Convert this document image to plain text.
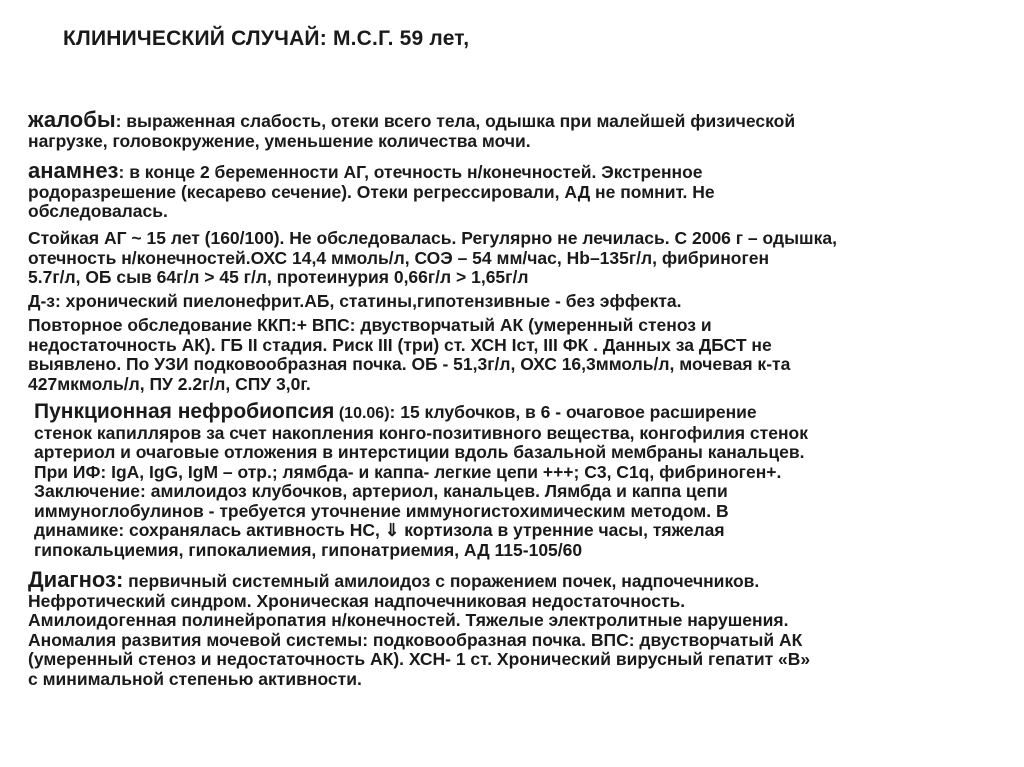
КЛИНИЧЕСКИЙ СЛУЧАЙ: М.С.Г. 59 лет,
жалобы: выраженная слабость, отеки всего тела, одышка при малейшей физической
нагрузке, головокружение, уменьшение количества мочи.
анамнез: в конце 2 беременности АГ, отечность н/конечностей. Экстренное
родоразрешение (кесарево сечение). Отеки регрессировали, АД не помнит. Не
обследовалась.
Стойкая АГ ~ 15 лет (160/100). Не обследовалась. Регулярно не лечилась. С 2006 г – одышка,
отечность н/конечностей.ОХС 14,4 ммоль/л, СОЭ – 54 мм/час, Hb–135г/л, фибриноген
5.7г/л, ОБ сыв 64г/л > 45 г/л, протеинурия 0,66г/л > 1,65г/л
Д-з: хронический пиелонефрит.АБ, статины,гипотензивные - без эффекта.
Повторное обследование ККП:+ ВПС: двустворчатый АК (умеренный стеноз и
недостаточность АК). ГБ II стадия. Риск III (три) ст. ХСН Iст, III ФК . Данных за ДБСТ не
выявлено. По УЗИ подковообразная почка. ОБ - 51,3г/л, ОХС 16,3ммоль/л, мочевая к-та
427мкмоль/л, ПУ 2.2г/л, СПУ 3,0г.
Пункционная нефробиопсия (10.06): 15 клубочков, в 6 - очаговое расширение
стенок капилляров за счет накопления конго-позитивного вещества, конгофилия стенок
артериол и очаговые отложения в интерстиции вдоль базальной мембраны канальцев.
При ИФ: IgA, IgG, IgM – отр.; лямбда- и каппа- легкие цепи +++; С3, С1q, фибриноген+.
Заключение: амилоидоз клубочков, артериол, канальцев. Лямбда и каппа цепи
иммуноглобулинов - требуется уточнение иммуногистохимическим методом. В
динамике: сохранялась активность НС, ⇓ кортизола в утренние часы, тяжелая
гипокальциемия, гипокалиемия, гипонатриемия, АД 115-105/60
Диагноз: первичный системный амилоидоз с поражением почек, надпочечников.
Нефротический синдром. Хроническая надпочечниковая недостаточность.
Амилоидогенная полинейропатия н/конечностей. Тяжелые электролитные нарушения.
Аномалия развития мочевой системы: подковообразная почка. ВПС: двустворчатый АК
(умеренный стеноз и недостаточность АК). ХСН- 1 ст. Хронический вирусный гепатит «В»
с минимальной степенью активности.
